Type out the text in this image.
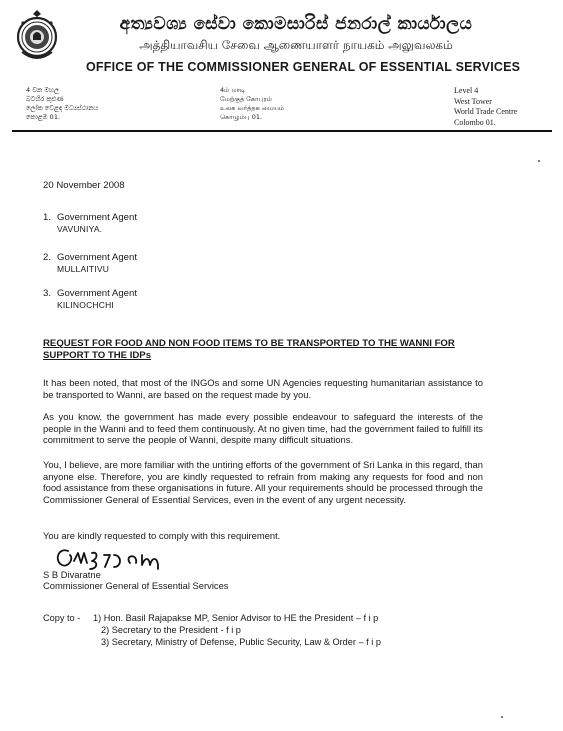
අත්‍යවශ්‍ය සේවා කොමසාරිස් ජනරාල් කාර්යාලය
அத்தியாவசிய சேவை ஆணையாளர் நாயகம் அலுவலகம்
OFFICE OF THE COMMISSIONER GENERAL OF ESSENTIAL SERVICES
4 වන මහල
බටහිර කුළුණ
ලෝක වෙළඳ මධ්‍යස්ථානය
කොළඹ 01.
4ம் மாடி
மேற்குத் கோபுரம்
உலக வர்த்தக மையம்
கொழும்பு 01.
Level 4
West Tower
World Trade Centre
Colombo 01.
20 November 2008
1. Government Agent
VAVUNIYA.
2. Government Agent
MULLAITIVU
3. Government Agent
KILINOCHCHI
REQUEST FOR FOOD AND NON FOOD ITEMS TO BE TRANSPORTED TO THE WANNI FOR SUPPORT TO THE IDPs
It has been noted, that most of the INGOs and some UN Agencies requesting humanitarian assistance to be transported to Wanni, are based on the request made by you.
As you know, the government has made every possible endeavour to safeguard the interests of the people in the Wanni and to feed them continuously. At no given time, had the government failed to fulfill its commitment to serve the people of Wanni, despite many difficult situations.
You, I believe, are more familiar with the untiring efforts of the government of Sri Lanka in this regard, than anyone else. Therefore, you are kindly requested to refrain from making any requests for food and non food assistance from these organisations in future. All your requirements should be processed through the Commissioner General of Essential Services, even in the event of any urgent necessity.
You are kindly requested to comply with this requirement.
S B Divaratne
Commissioner General of Essential Services
Copy to - 1) Hon. Basil Rajapakse MP, Senior Advisor to HE the President – f i p
2) Secretary to the President - f i p
3) Secretary, Ministry of Defense, Public Security, Law & Order – f i p
